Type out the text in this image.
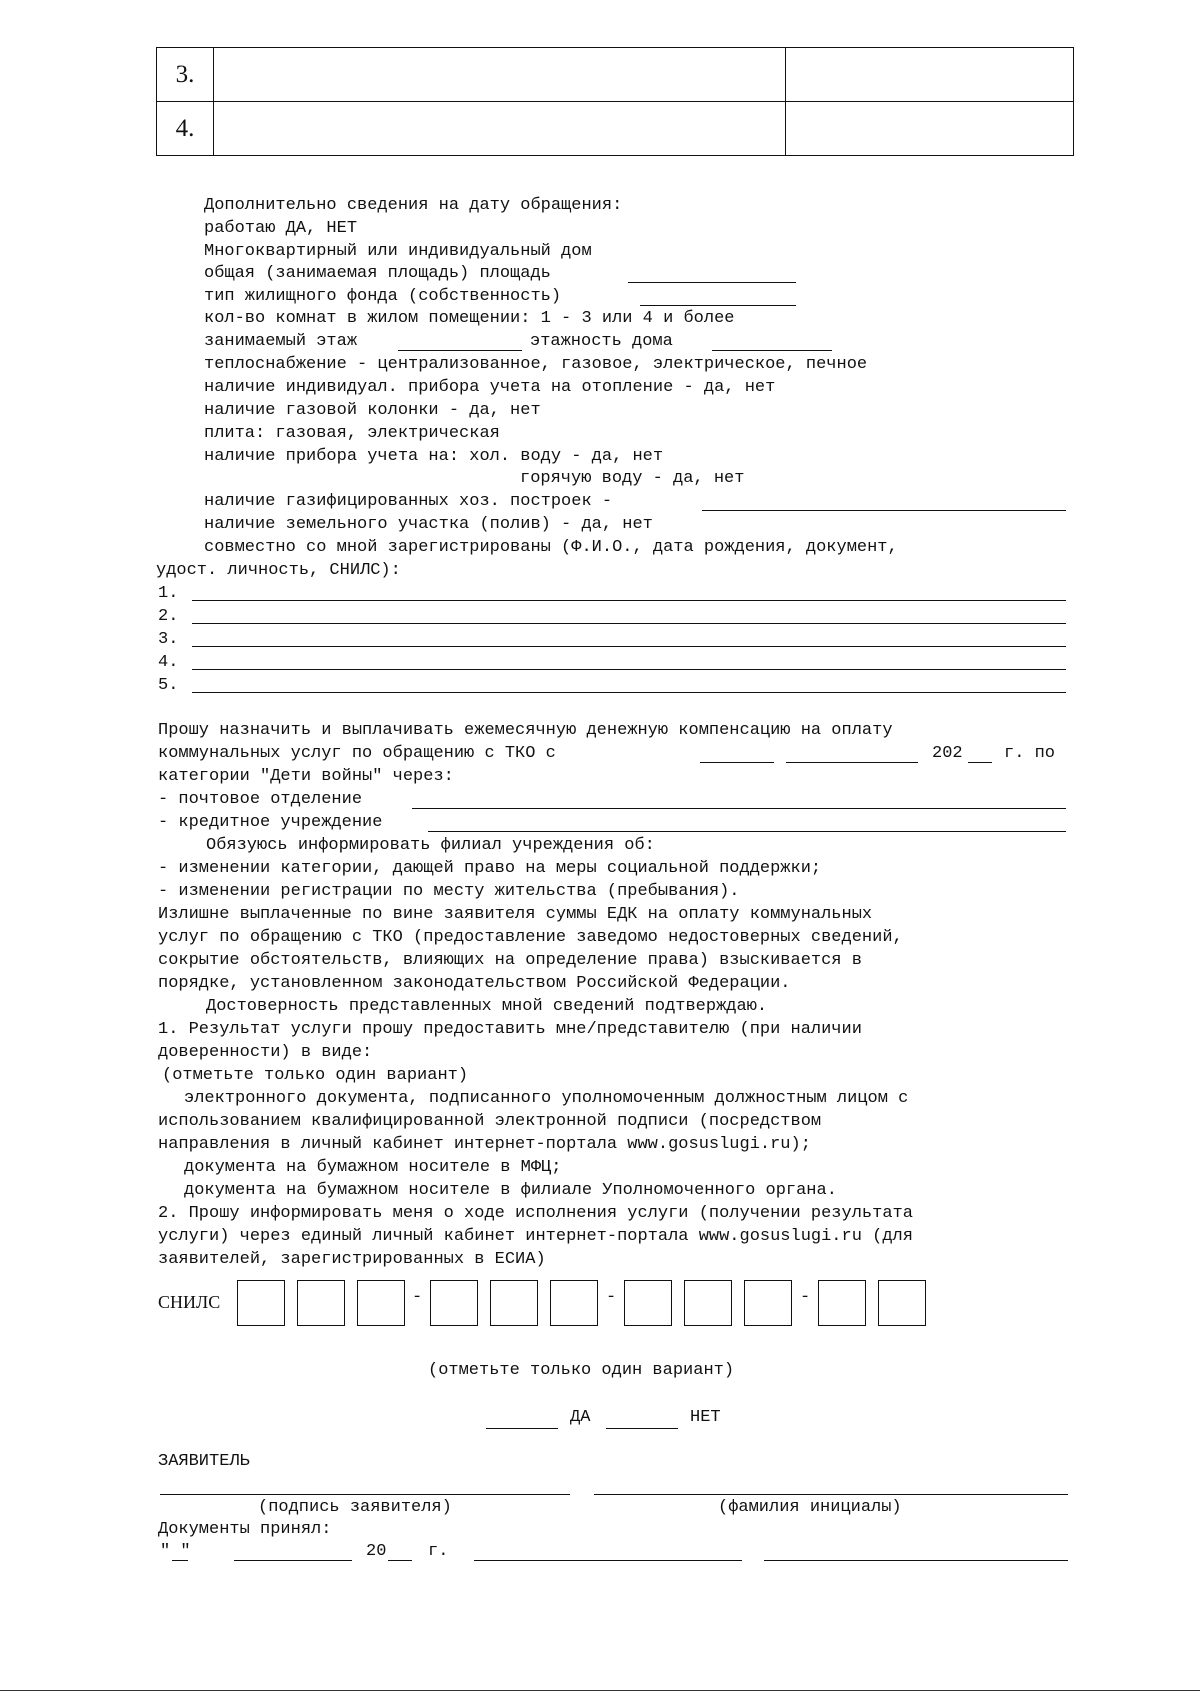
3.		
4.		
Дополнительно сведения на дату обращения:
работаю ДА, НЕТ
Многоквартирный или индивидуальный дом
общая (занимаемая площадь) площадь
тип жилищного фонда (собственность)
кол-во комнат в жилом помещении: 1 - 3 или 4 и более
занимаемый этаж	этажность дома
теплоснабжение - централизованное, газовое, электрическое, печное
наличие индивидуал. прибора учета на отопление - да, нет
наличие газовой колонки - да, нет
плита: газовая, электрическая
наличие прибора учета на: хол. воду - да, нет
горячую воду - да, нет
наличие газифицированных хоз. построек -
наличие земельного участка (полив) - да, нет
совместно со мной зарегистрированы (Ф.И.О., дата рождения, документ,
удост. личность, СНИЛС):
1.
2.
3.
4.
5.
Прошу назначить и выплачивать ежемесячную денежную компенсацию на оплату
коммунальных услуг по обращению с ТКО с	202 г. по
категории "Дети войны" через:
- почтовое отделение
- кредитное учреждение
Обязуюсь информировать филиал учреждения об:
- изменении категории, дающей право на меры социальной поддержки;
- изменении регистрации по месту жительства (пребывания).
Излишне выплаченные по вине заявителя суммы ЕДК на оплату коммунальных
услуг по обращению с ТКО (предоставление заведомо недостоверных сведений,
сокрытие обстоятельств, влияющих на определение права) взыскивается в
порядке, установленном законодательством Российской Федерации.
Достоверность представленных мной сведений подтверждаю.
1. Результат услуги прошу предоставить мне/представителю (при наличии
доверенности) в виде:
(отметьте только один вариант)
электронного документа, подписанного уполномоченным должностным лицом с
использованием квалифицированной электронной подписи (посредством
направления в личный кабинет интернет-портала www.gosuslugi.ru);
документа на бумажном носителе в МФЦ;
документа на бумажном носителе в филиале Уполномоченного органа.
2. Прошу информировать меня о ходе исполнения услуги (получении результата
услуги) через единый личный кабинет интернет-портала www.gosuslugi.ru (для
заявителей, зарегистрированных в ЕСИА)
СНИЛС	-	-	-
(отметьте только один вариант)
ДА	НЕТ
ЗАЯВИТЕЛЬ
(подпись заявителя)	(фамилия инициалы)
Документы принял:
" "	20 г.
